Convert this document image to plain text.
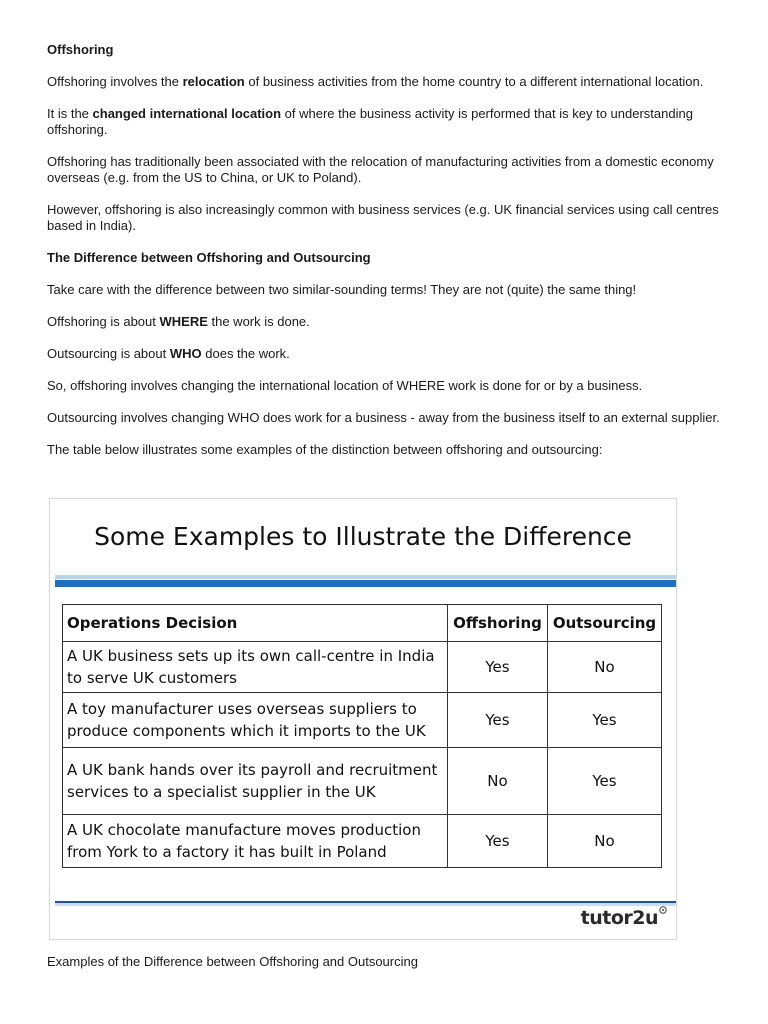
Offshoring

Offshoring involves the relocation of business activities from the home country to a different international location.

It is the changed international location of where the business activity is performed that is key to understanding offshoring.

Offshoring has traditionally been associated with the relocation of manufacturing activities from a domestic economy overseas (e.g. from the US to China, or UK to Poland).

However, offshoring is also increasingly common with business services (e.g. UK financial services using call centres based in India).

The Difference between Offshoring and Outsourcing

Take care with the difference between two similar-sounding terms! They are not (quite) the same thing!

Offshoring is about WHERE the work is done.

Outsourcing is about WHO does the work.

So, offshoring involves changing the international location of WHERE work is done for or by a business.

Outsourcing involves changing WHO does work for a business - away from the business itself to an external supplier.

The table below illustrates some examples of the distinction between offshoring and outsourcing:

Some Examples to Illustrate the Difference
Operations Decision	Offshoring	Outsourcing
A UK business sets up its own call-centre in India
to serve UK customers	Yes	No
A toy manufacturer uses overseas suppliers to
produce components which it imports to the UK	Yes	Yes
A UK bank hands over its payroll and recruitment
services to a specialist supplier in the UK	No	Yes
A UK chocolate manufacture moves production
from York to a factory it has built in Poland	Yes	No
tutor2u
Examples of the Difference between Offshoring and Outsourcing
